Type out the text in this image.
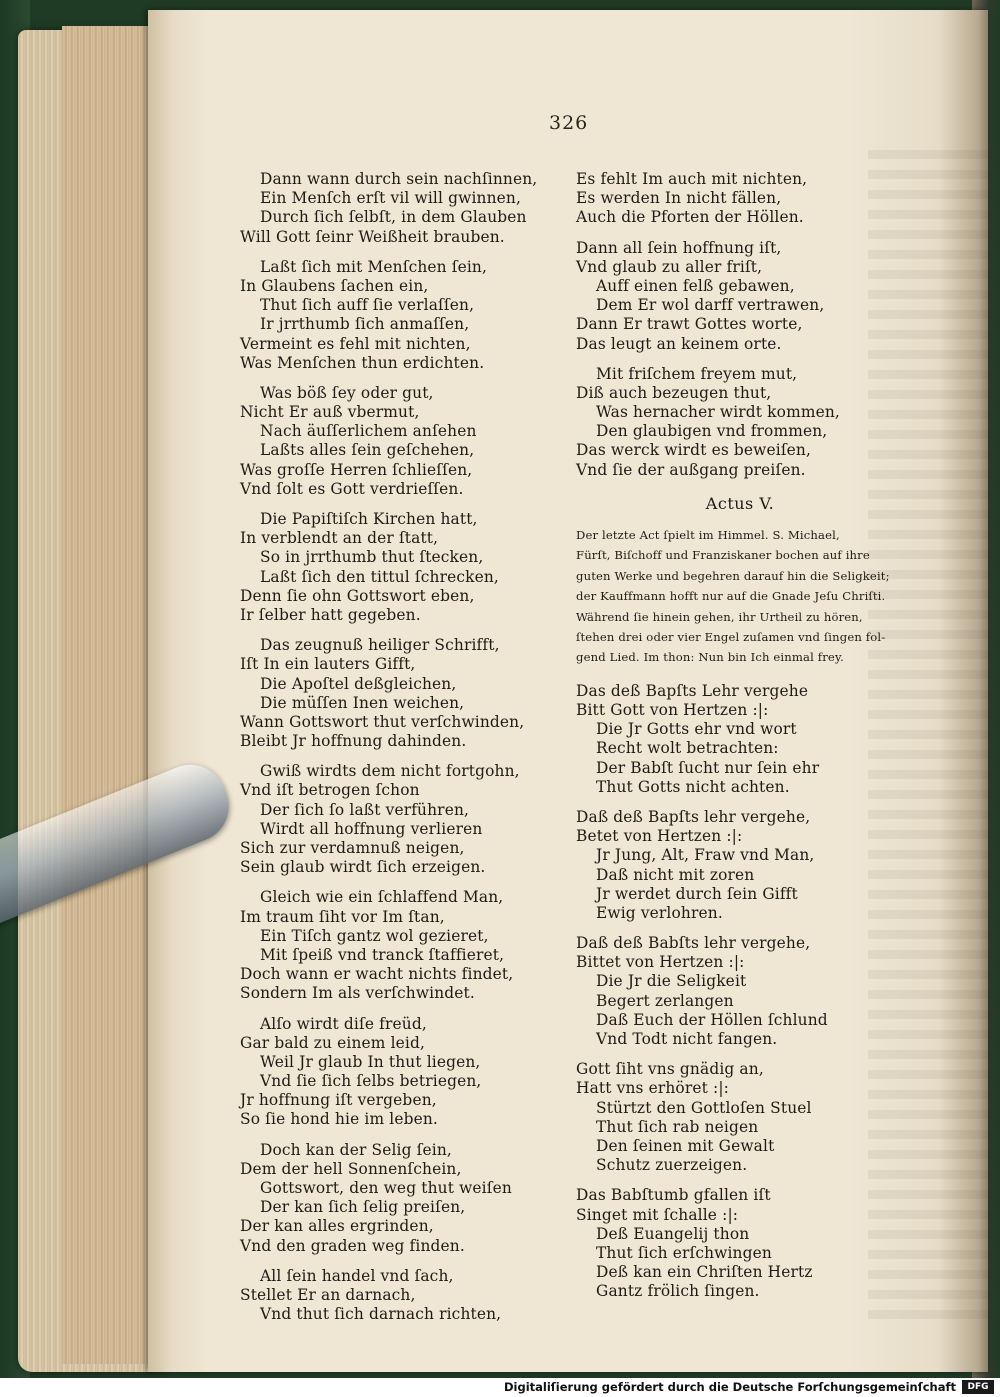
326
Dann wann durch sein nachſinnen,
Ein Menſch erſt vil will gwinnen,
Durch ſich ſelbſt, in dem Glauben
Will Gott ſeinr Weißheit brauben.
Laßt ſich mit Menſchen ſein,
In Glaubens ſachen ein,
Thut ſich auff ſie verlaſſen,
Ir jrrthumb ſich anmaſſen,
Vermeint es fehl mit nichten,
Was Menſchen thun erdichten.
Was böß ſey oder gut,
Nicht Er auß vbermut,
Nach äuſſerlichem anſehen
Laßts alles ſein geſchehen,
Was groſſe Herren ſchlieſſen,
Vnd ſolt es Gott verdrieſſen.
Die Papiſtiſch Kirchen hatt,
In verblendt an der ſtatt,
So in jrrthumb thut ſtecken,
Laßt ſich den tittul ſchrecken,
Denn ſie ohn Gottswort eben,
Ir ſelber hatt gegeben.
Das zeugnuß heiliger Schrifft,
Iſt In ein lauters Gifft,
Die Apoſtel deßgleichen,
Die müſſen Inen weichen,
Wann Gottswort thut verſchwinden,
Bleibt Jr hoffnung dahinden.
Gwiß wirdts dem nicht fortgohn,
Vnd iſt betrogen ſchon
Der ſich ſo laßt verführen,
Wirdt all hoffnung verlieren
Sich zur verdamnuß neigen,
Sein glaub wirdt ſich erzeigen.
Gleich wie ein ſchlaffend Man,
Im traum ſiht vor Im ſtan,
Ein Tiſch gantz wol gezieret,
Mit ſpeiß vnd tranck ſtaffieret,
Doch wann er wacht nichts findet,
Sondern Im als verſchwindet.
Alſo wirdt diſe freüd,
Gar bald zu einem leid,
Weil Jr glaub In thut liegen,
Vnd ſie ſich ſelbs betriegen,
Jr hoffnung iſt vergeben,
So ſie hond hie im leben.
Doch kan der Selig ſein,
Dem der hell Sonnenſchein,
Gottswort, den weg thut weiſen
Der kan ſich ſelig preiſen,
Der kan alles ergrinden,
Vnd den graden weg finden.
All ſein handel vnd ſach,
Stellet Er an darnach,
Vnd thut ſich darnach richten,
Es fehlt Im auch mit nichten,
Es werden In nicht fällen,
Auch die Pforten der Höllen.
Dann all ſein hoffnung iſt,
Vnd glaub zu aller friſt,
Auff einen felß gebawen,
Dem Er wol darff vertrawen,
Dann Er trawt Gottes worte,
Das leugt an keinem orte.
Mit friſchem freyem mut,
Diß auch bezeugen thut,
Was hernacher wirdt kommen,
Den glaubigen vnd frommen,
Das werck wirdt es beweiſen,
Vnd ſie der außgang preiſen.
Actus V.
Der letzte Act ſpielt im Himmel. S. Michael,
Fürſt, Biſchoff und Franziskaner bochen auf ihre
guten Werke und begehren darauf hin die Seligkeit;
der Kauffmann hofft nur auf die Gnade Jeſu Chriſti.
Während ſie hinein gehen, ihr Urtheil zu hören,
ſtehen drei oder vier Engel zuſamen vnd ſingen fol-
gend Lied. Im thon: Nun bin Ich einmal frey.
Das deß Bapſts Lehr vergehe
Bitt Gott von Hertzen :|:
Die Jr Gotts ehr vnd wort
Recht wolt betrachten:
Der Babſt ſucht nur ſein ehr
Thut Gotts nicht achten.
Daß deß Bapſts lehr vergehe,
Betet von Hertzen :|:
Jr Jung, Alt, Fraw vnd Man,
Daß nicht mit zoren
Jr werdet durch ſein Gifft
Ewig verlohren.
Daß deß Babſts lehr vergehe,
Bittet von Hertzen :|:
Die Jr die Seligkeit
Begert zerlangen
Daß Euch der Höllen ſchlund
Vnd Todt nicht fangen.
Gott ſiht vns gnädig an,
Hatt vns erhöret :|:
Stürtzt den Gottloſen Stuel
Thut ſich rab neigen
Den ſeinen mit Gewalt
Schutz zuerzeigen.
Das Babſtumb gfallen iſt
Singet mit ſchalle :|:
Deß Euangelij thon
Thut ſich erſchwingen
Deß kan ein Chriſten Hertz
Gantz frölich ſingen.
Digitaliſierung gefördert durch die Deutsche Forſchungsgemeinſchaft	DFG
